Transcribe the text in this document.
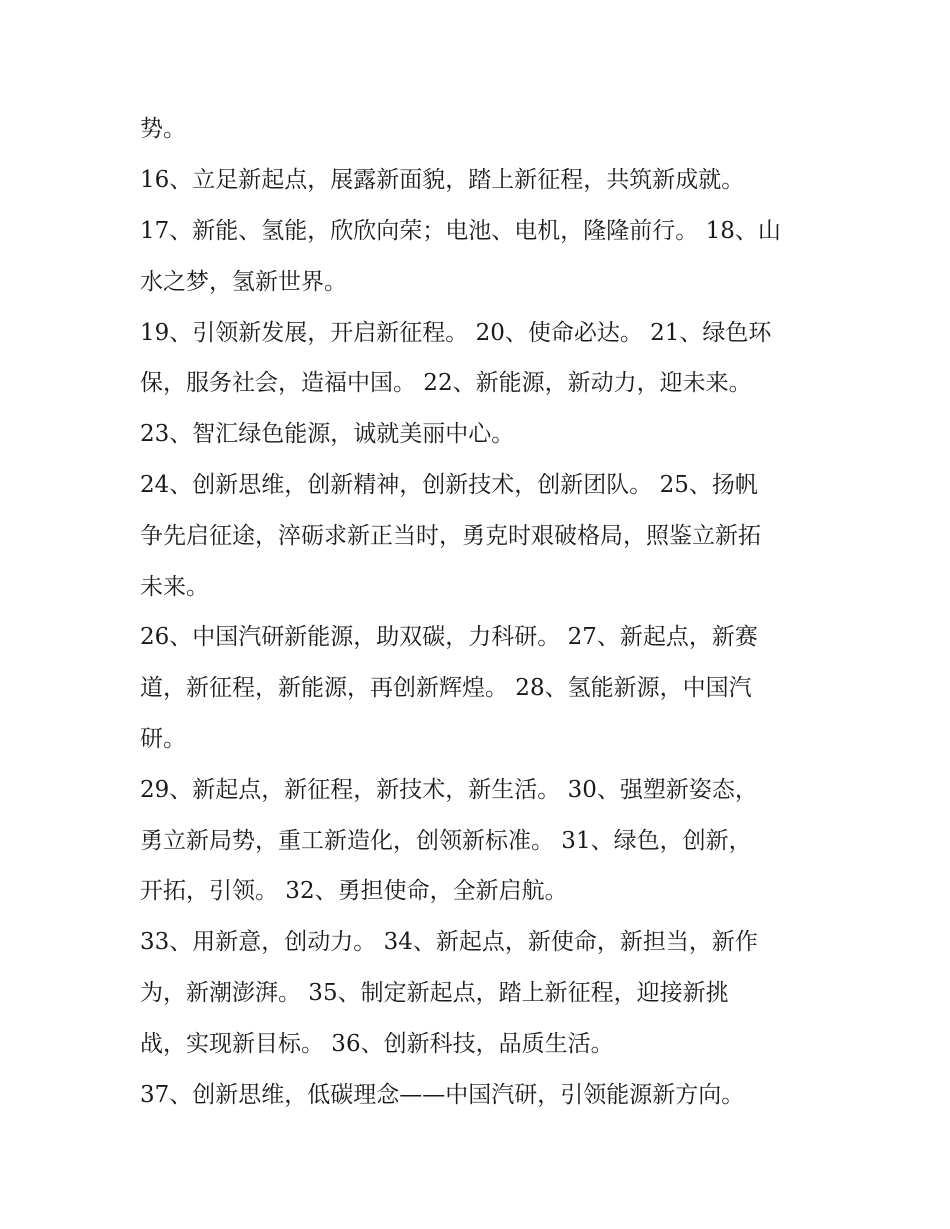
势。
16、立足新起点，展露新面貌，踏上新征程，共筑新成就。
17、新能、氢能，欣欣向荣；电池、电机，隆隆前行。 18、山
水之梦，氢新世界。
19、引领新发展，开启新征程。 20、使命必达。 21、绿色环
保，服务社会，造福中国。 22、新能源，新动力，迎未来。
23、智汇绿色能源，诚就美丽中心。
24、创新思维，创新精神，创新技术，创新团队。 25、扬帆
争先启征途，淬砺求新正当时，勇克时艰破格局，照鉴立新拓
未来。
26、中国汽研新能源，助双碳，力科研。 27、新起点，新赛
道，新征程，新能源，再创新辉煌。 28、氢能新源，中国汽
研。
29、新起点，新征程，新技术，新生活。 30、强塑新姿态，
勇立新局势，重工新造化，创领新标准。 31、绿色，创新，
开拓，引领。 32、勇担使命，全新启航。
33、用新意，创动力。 34、新起点，新使命，新担当，新作
为，新潮澎湃。 35、制定新起点，踏上新征程，迎接新挑
战，实现新目标。 36、创新科技，品质生活。
37、创新思维，低碳理念——中国汽研，引领能源新方向。
